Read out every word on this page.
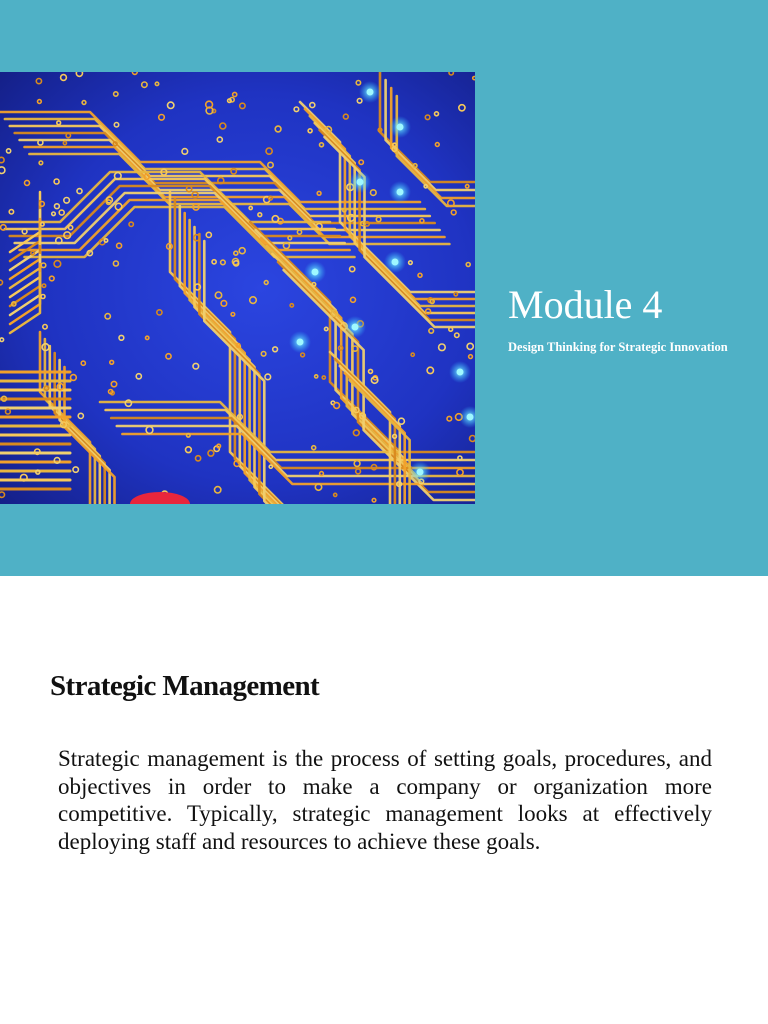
Module 4

Design Thinking for Strategic Innovation

Strategic Management

Strategic management is the process of setting goals, procedures, and objectives in order to make a company or organization more competitive. Typically, strategic management looks at effectively deploying staff and resources to achieve these goals.
